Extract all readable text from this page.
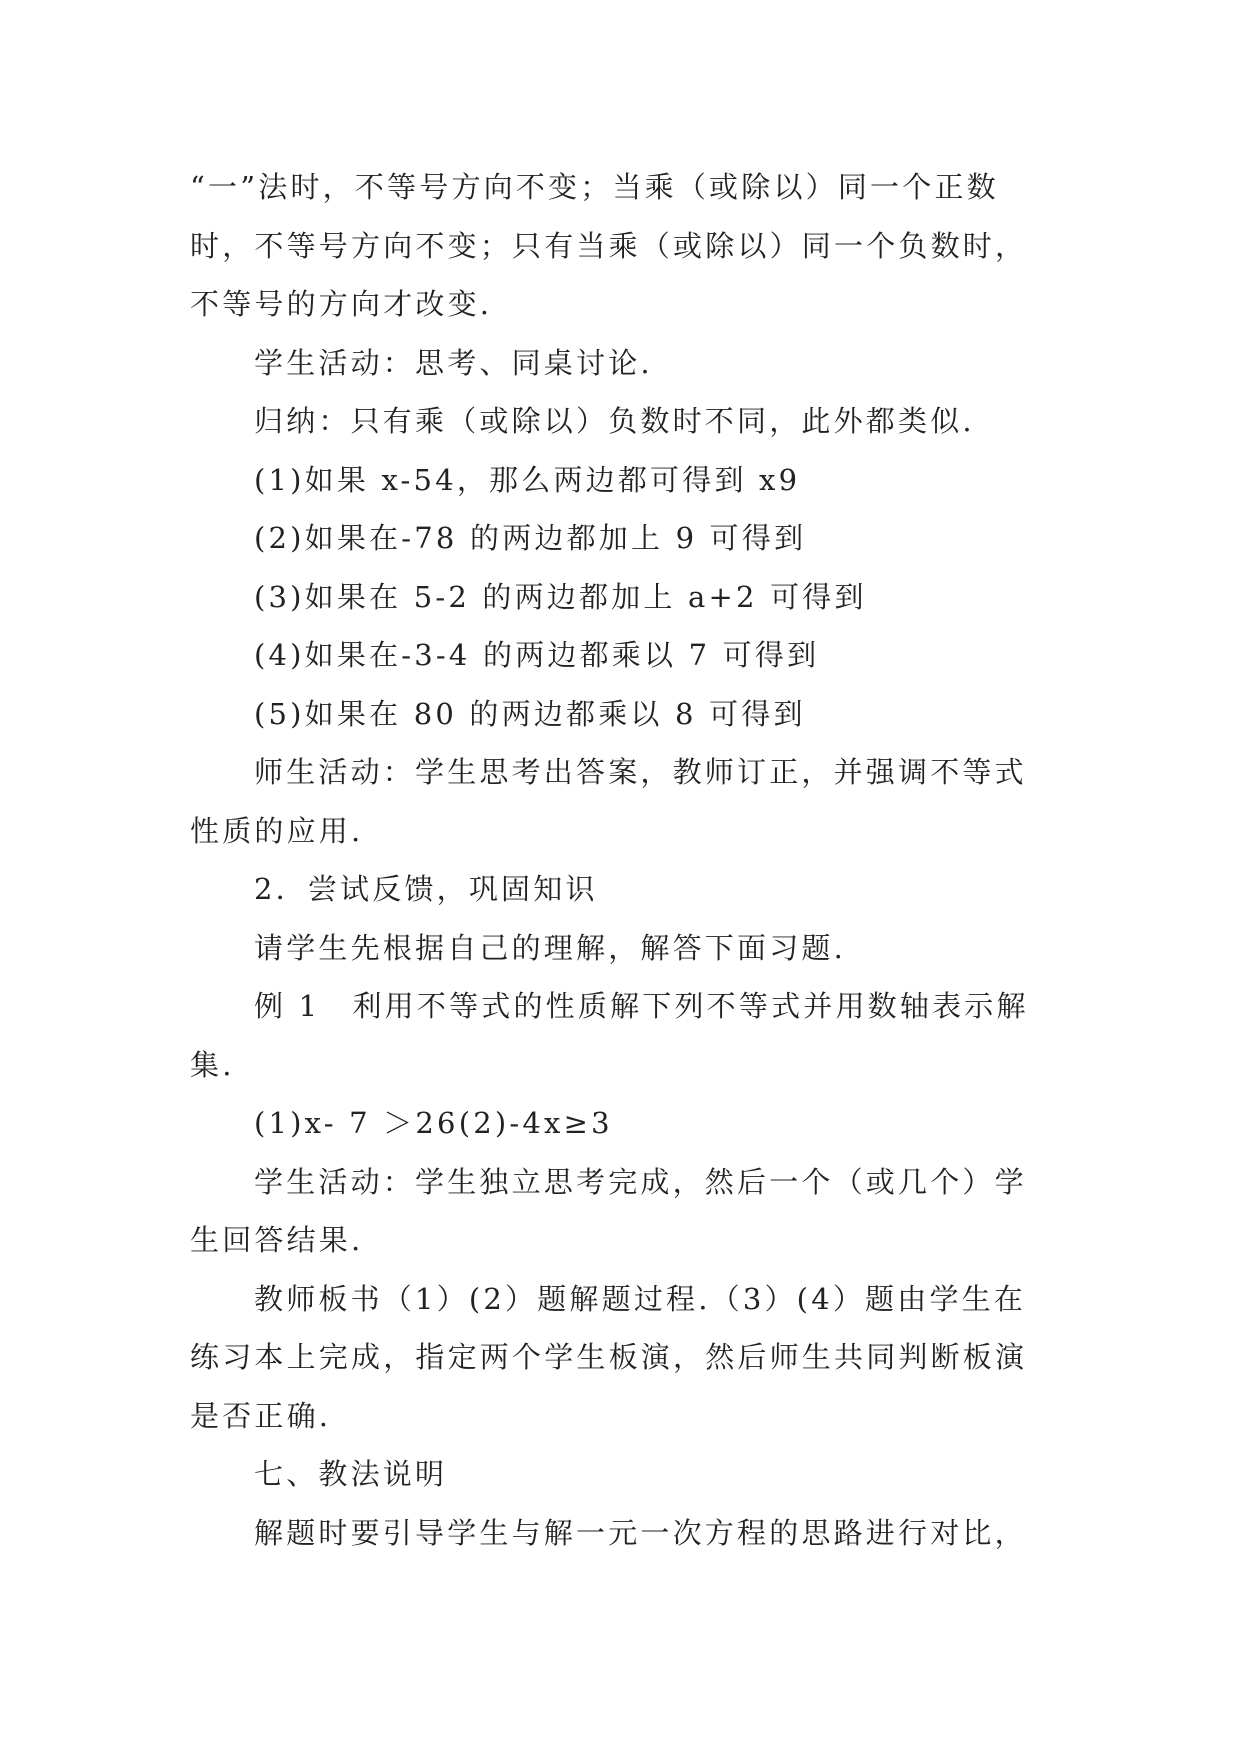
“一”法时，不等号方向不变；当乘（或除以）同一个正数时，不等号方向不变；只有当乘（或除以）同一个负数时，不等号的方向才改变.

学生活动：思考、同桌讨论.

归纳：只有乘（或除以）负数时不同，此外都类似.

(1)如果 x-54，那么两边都可得到 x9

(2)如果在-78 的两边都加上 9 可得到

(3)如果在 5-2 的两边都加上 a+2 可得到

(4)如果在-3-4 的两边都乘以 7 可得到

(5)如果在 80 的两边都乘以 8 可得到

师生活动：学生思考出答案，教师订正，并强调不等式性质的应用.

2．尝试反馈，巩固知识

请学生先根据自己的理解，解答下面习题.

例 1　利用不等式的性质解下列不等式并用数轴表示解集.

(1)x- 7 ＞26(2)-4x≥3

学生活动：学生独立思考完成，然后一个（或几个）学生回答结果.

教师板书（1）(2）题解题过程.（3）(4）题由学生在练习本上完成，指定两个学生板演，然后师生共同判断板演是否正确.

七、教法说明

解题时要引导学生与解一元一次方程的思路进行对比，
